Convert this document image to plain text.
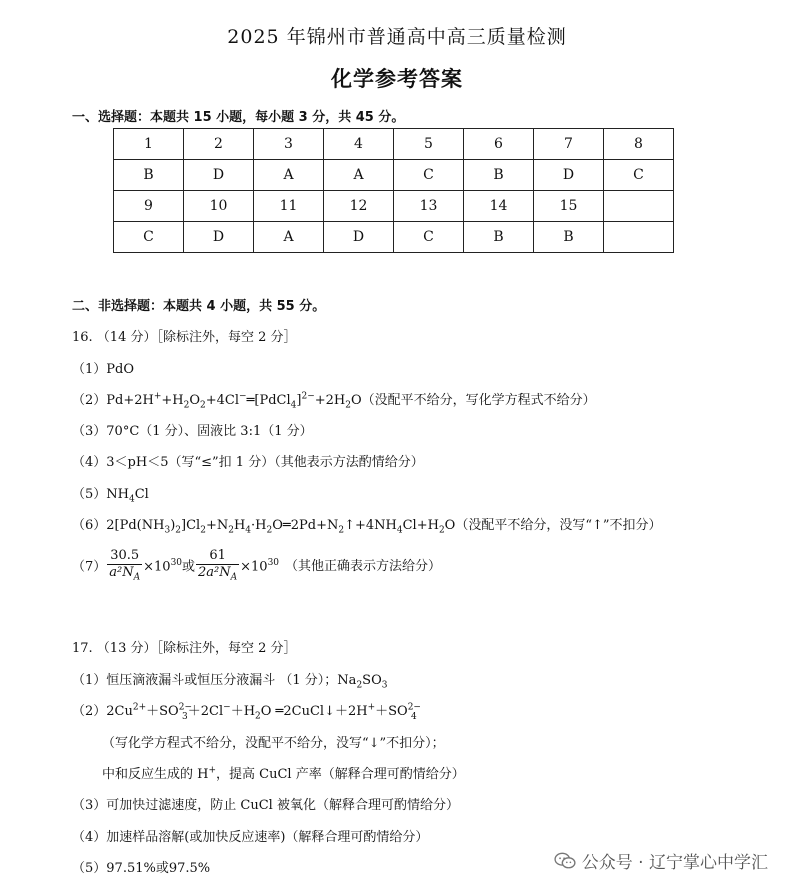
2025 年锦州市普通高中高三质量检测
化学参考答案
一、选择题：本题共 15 小题，每小题 3 分，共 45 分。
1	2	3	4	5	6	7	8
B	D	A	A	C	B	D	C
9	10	11	12	13	14	15	
C	D	A	D	C	B	B	
二、非选择题：本题共 4 小题，共 55 分。
16. （14 分）［除标注外，每空 2 分］
（1）PdO
$(2)Pd+2H^++H_2O_2+4Cl^-═[PdCl_4]^{2-}+2H_2O$（没配平不给分，写化学方程式不给分）
（3）70°C（1 分）、固液比 3:1（1 分）
（4）3＜pH＜5（写“≤”扣 1 分）（其他表示方法酌情给分）
$(5)NH_4Cl$
$(6)2[Pd(NH_3)_2]Cl_2+N_2H_4\cdot H_2O═2Pd+N_2↑+4NH_4Cl+H_2O$（没配平不给分，没写“↑”不扣分）
$(7) \frac{30.5}{a^2N_A} \times 10^{30}$或 $\frac{61}{2a^2N_A} \times 10^{30}$ （其他正确表示方法给分）
17. （13 分）［除标注外，每空 2 分］
（1）恒压滴液漏斗或恒压分液漏斗 （1 分）；$Na_2SO_3$
$(2)2Cu^{2+}+SO^{2-}_3+2Cl^-+H_2O$ $═2CuCl↓+2H^++SO^{2-}_4$
（写化学方程式不给分，没配平不给分，没写“↓”不扣分）；
中和反应生成的 H+，提高 CuCl 产率（解释合理可酌情给分）
（3）可加快过滤速度，防止 CuCl 被氧化（解释合理可酌情给分）
（4）加速样品溶解(或加快反应速率)（解释合理可酌情给分）
（5）97.51%或97.5%	公众号 · 辽宁掌心中学汇
